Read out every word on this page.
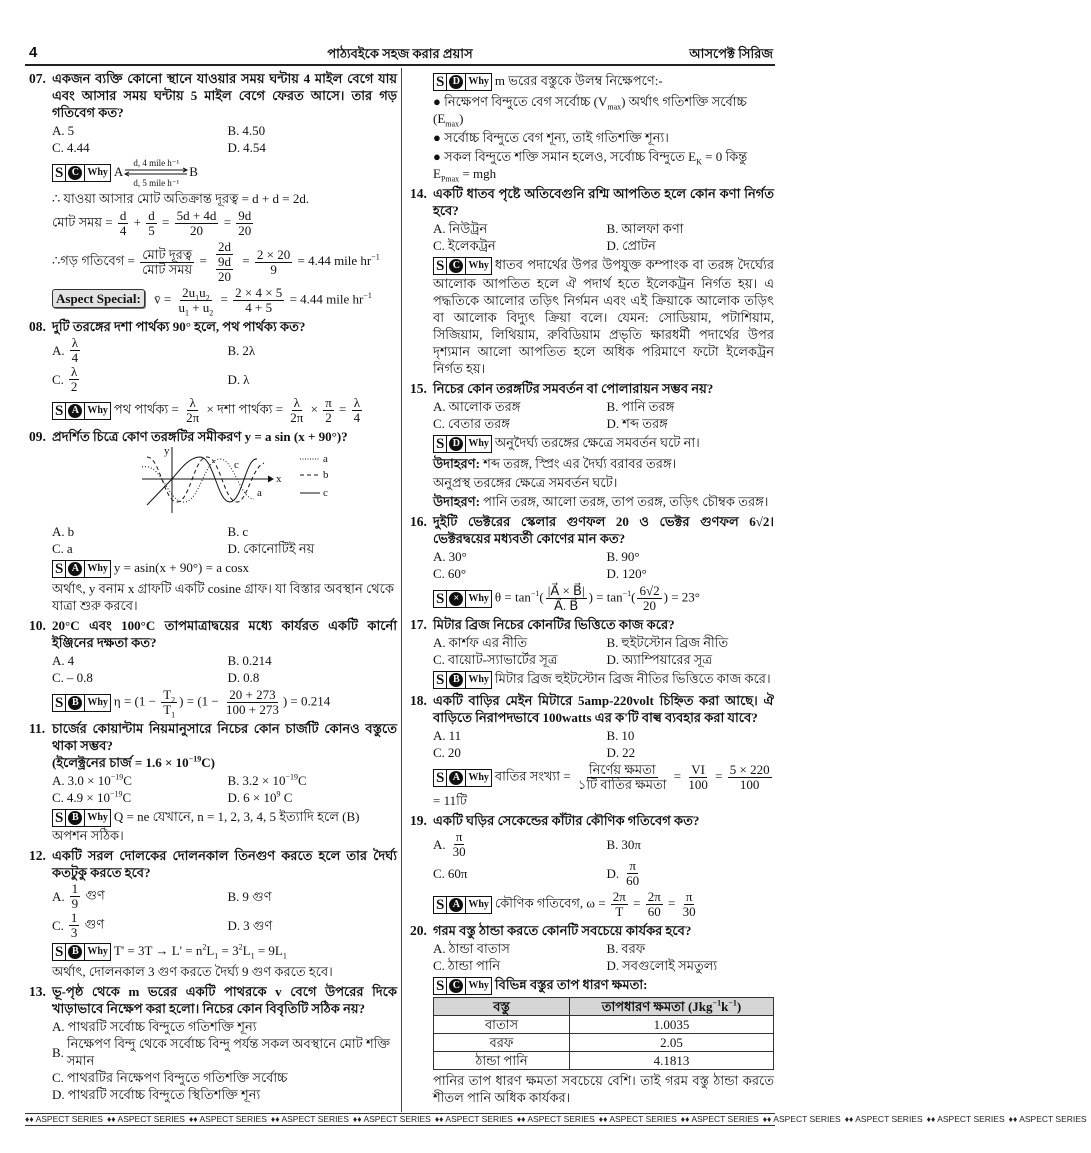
4	পাঠ্যবইকে সহজ করার প্রয়াস	আসপেক্ট সিরিজ
07. একজন ব্যক্তি কোনো স্থানে যাওয়ার সময় ঘন্টায় 4 মাইল বেগে যায় এবং আসার সময় ঘন্টায় 5 মাইল বেগে ফেরত আসে। তার গড় গতিবেগ কত?
A. 5	B. 4.50
C. 4.44	D. 4.54
S C Why A
d, 4 mile h⁻¹
d, 5 mile h⁻¹
B
∴ যাওয়া আসার মোট অতিক্রান্ত দূরত্ব = d + d = 2d.
মোট সময় = $\frac{d}{4} + \frac{d}{5} = \frac{5d + 4d}{20} = \frac{9d}{20}$
∴গড় গতিবেগ = $\frac{\text{মোট দূরত্ব}}{\text{মোট সময়}} = \frac{2d}{\frac{9d}{20}} = \frac{2 \times 20}{9} = 4.44$ mile $hr^{-1}$
Aspect Special: v̄ = $\frac{2u_1u_2}{u_1 + u_2} = \frac{2 \times 4 \times 5}{4 + 5} = 4.44$ mile $hr^{-1}$
08. দুটি তরঙ্গের দশা পার্থক্য 90° হলে, পথ পার্থক্য কত?
A. $\frac{\lambda}{4}$	B. 2λ
C. $\frac{\lambda}{2}$	D. λ
S A Why পথ পার্থক্য = $\frac{\lambda}{2\pi}$ × দশা পার্থক্য = $\frac{\lambda}{2\pi} \times \frac{\pi}{2} = \frac{\lambda}{4}$
09. প্রদর্শিত চিত্রে কোণ তরঙ্গটির সমীকরণ y = a sin (x + 90°)?
y
x
c
a
a
b
c
A. b	B. c
C. a	D. কোনোটিই নয়
S A Why y = asin(x + 90°) = a cosx
অর্থাৎ, y বনাম x গ্রাফটি একটি cosine গ্রাফ। যা বিস্তার অবস্থান থেকে যাত্রা শুরু করবে।
10. 20°C এবং 100°C তাপমাত্রাদ্বয়ের মধ্যে কার্যরত একটি কার্নো ইঞ্জিনের দক্ষতা কত?
A. 4	B. 0.214
C. – 0.8	D. 0.8
S B Why $\eta = (1 - \frac{T_2}{T_1}$ ) = ($1 - \frac{20 + 273}{100 + 273}$ ) = 0.214
11. চার্জের কোয়ান্টাম নিয়মানুসারে নিচের কোন চার্জটি কোনও বস্তুতে থাকা সম্ভব?
(ইলেক্ট্রনের চার্জ = $1.6 \times 10^{-19}C$)
A. $3.0 \times 10^{-19}C$	B. $3.2 \times 10^{-19}C$
C. $4.9 \times 10^{-19}C$	D. $6 \times 10^9$ C
S B Why Q = ne যেখানে, n = 1, 2, 3, 4, 5 ইত্যাদি হলে (B) অপশন সঠিক।
12. একটি সরল দোলকের দোলনকাল তিনগুণ করতে হলে তার দৈর্ঘ্য কতটুকু করতে হবে?
A. $\frac{1}{9}$ গুণ	B. 9 গুণ
C. $\frac{1}{3}$ গুণ	D. 3 গুণ
S B Why $T' = 3T \to L' = n^2L_1 = 3^2L_1 = 9L_1$
অর্থাৎ, দোলনকাল 3 গুণ করতে দৈর্ঘ্য 9 গুণ করতে হবে।
13. ভূ-পৃষ্ঠ থেকে m ভরের একটি পাথরকে v বেগে উপরের দিকে খাড়াভাবে নিক্ষেপ করা হলো। নিচের কোন বিবৃতিটি সঠিক নয়?
A. পাথরটি সর্বোচ্চ বিন্দুতে গতিশক্তি শূন্য
B.
নিক্ষেপণ বিন্দু থেকে সর্বোচ্চ বিন্দু পর্যন্ত সকল অবস্থানে মোট শক্তি সমান
C. পাথরটির নিক্ষেপণ বিন্দুতে গতিশক্তি সর্বোচ্চ
D. পাথরটি সর্বোচ্চ বিন্দুতে স্থিতিশক্তি শূন্য
S D Why m ভরের বস্তুকে উলম্ব নিক্ষেপণে:-
● নিক্ষেপণ বিন্দুতে বেগ সর্বোচ্চ $(V_{max})$ অর্থাৎ গতিশক্তি সর্বোচ্চ $(E_{max})$
● সর্বোচ্চ বিন্দুতে বেগ শূন্য, তাই গতিশক্তি শূন্য।
● সকল বিন্দুতে শক্তি সমান হলেও, সর্বোচ্চ বিন্দুতে $E_K = 0$ কিন্তু $E_{Pmax}$ = mgh
14. একটি ধাতব পৃষ্টে অতিবেগুনি রশ্মি আপতিত হলে কোন কণা নির্গত হবে?
A. নিউট্রন	B. আলফা কণা
C. ইলেকট্রন	D. প্রোটন
S C Why ধাতব পদার্থের উপর উপযুক্ত কম্পাংক বা তরঙ্গ দৈর্ঘ্যের আলোক আপতিত হলে ঐ পদার্থ হতে ইলেকট্রন নির্গত হয়। এ পদ্ধতিকে আলোর তড়িৎ নির্গমন এবং এই ক্রিয়াকে আলোক তড়িৎ বা আলোক বিদ্যুৎ ক্রিয়া বলে। যেমন: সোডিয়াম, পটাশিয়াম, সিজিয়াম, লিথিয়াম, রুবিডিয়াম প্রভৃতি ক্ষারধর্মী পদার্থের উপর দৃশ্যমান আলো আপতিত হলে অধিক পরিমাণে ফটো ইলেকট্রন নির্গত হয়।
15. নিচের কোন তরঙ্গটির সমবর্তন বা পোলারায়ন সম্ভব নয়?
A. আলোক তরঙ্গ	B. পানি তরঙ্গ
C. বেতার তরঙ্গ	D. শব্দ তরঙ্গ
S D Why অনুদৈর্ঘ্য তরঙ্গের ক্ষেত্রে সমবর্তন ঘটে না।
উদাহরণ: শব্দ তরঙ্গ, স্প্রিং এর দৈর্ঘ্য বরাবর তরঙ্গ।
অনুপ্রস্থ তরঙ্গের ক্ষেত্রে সমবর্তন ঘটে।
উদাহরণ: পানি তরঙ্গ, আলো তরঙ্গ, তাপ তরঙ্গ, তড়িৎ চৌম্বক তরঙ্গ।
16. দুইটি ভেক্টরের স্কেলার গুণফল 20 ও ভেক্টর গুণফল 6√2। ভেক্টরদ্বয়ের মধ্যবর্তী কোণের মান কত?
A. 30°	B. 90°
C. 60°	D. 120°
S × Why $\theta = \tan^{-1}( \frac{|A⃗ \times B⃗|}{A⃗. B⃗}$ ) = $\tan^{-1}( \frac{6√2}{20}$ ) = 23°
17. মিটার ব্রিজ নিচের কোনটির ভিত্তিতে কাজ করে?
A. কার্শফ এর নীতি	B. হুইটস্টোন ব্রিজ নীতি
C. বায়োট-স্যাভার্টের সূত্র	D. অ্যাম্পিয়ারের সূত্র
S B Why মিটার ব্রিজ হুইটস্টোন ব্রিজ নীতির ভিত্তিতে কাজ করে।
18. একটি বাড়ির মেইন মিটারে 5amp-220volt চিহ্নিত করা আছে। ঐ বাড়িতে নিরাপদভাবে 100watts এর ক'টি বাল্ব ব্যবহার করা যাবে?
A. 11	B. 10
C. 20	D. 22
S A Why বাতির সংখ্যা = $\frac{\text{নির্ণেয় ক্ষমতা}}{\text{১টি বাতির ক্ষমতা}} = \frac{VI}{100} = \frac{5 \times 220}{100}$
= 11টি
19. একটি ঘড়ির সেকেন্ডের কাঁটার কৌণিক গতিবেগ কত?
A. $\frac{\pi}{30}$	B. 30π
C. 60π	D. $\frac{\pi}{60}$
S A Why কৌণিক গতিবেগ, $\omega = \frac{2\pi}{T} = \frac{2\pi}{60} = \frac{\pi}{30}$
20. গরম বস্তু ঠান্ডা করতে কোনটি সবচেয়ে কার্যকর হবে?
A. ঠান্ডা বাতাস	B. বরফ
C. ঠান্ডা পানি	D. সবগুলোই সমতুল্য
S C Why বিভিন্ন বস্তুর তাপ ধারণ ক্ষমতা:
বস্তু	তাপধারণ ক্ষমতা $(Jkg^{-1}k^{-1})$
বাতাস	1.0035
বরফ	2.05
ঠান্ডা পানি	4.1813
পানির তাপ ধারণ ক্ষমতা সবচেয়ে বেশি। তাই গরম বস্তু ঠান্ডা করতে শীতল পানি অধিক কার্যকর।
♦♦ ASPECT SERIES ♦♦ ASPECT SERIES ♦♦ ASPECT SERIES ♦♦ ASPECT SERIES ♦♦ ASPECT SERIES ♦♦ ASPECT SERIES ♦♦ ASPECT SERIES ♦♦ ASPECT SERIES ♦♦ ASPECT SERIES ♦♦ ASPECT SERIES ♦♦ ASPECT SERIES ♦♦ ASPECT SERIES ♦♦ ASPECT SERIES
